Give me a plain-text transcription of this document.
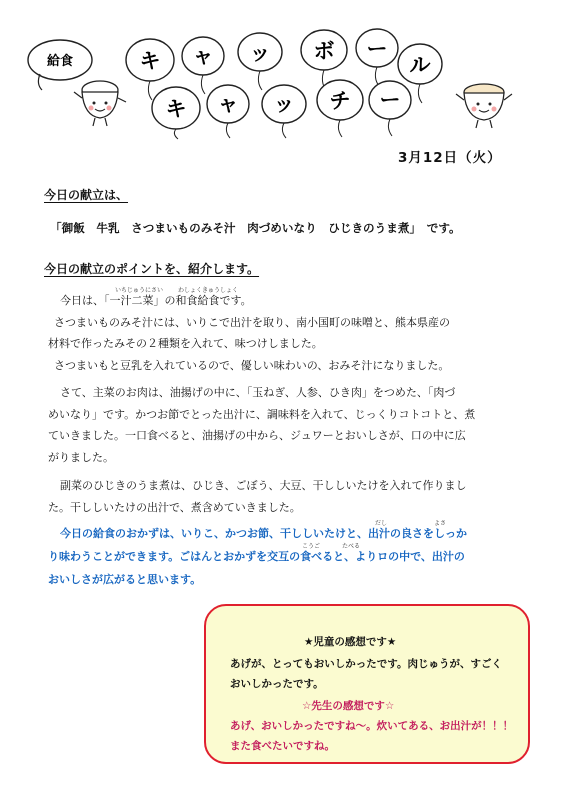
給食	キ ャ ッ ボ ー
ル
キ ャ ッ チ ー
3月12日（火）
今日の献立は、
「御飯　牛乳　さつまいものみそ汁　肉づめいなり　ひじきのうま煮」　です。
今日の献立のポイントを、紹介します。
いちじゅうにさい わしょくきゅうしょく
だし	よさ
こうご	たべる

今日は、「一汁二菜」の和食給食です。

さつまいものみそ汁には、いりこで出汁を取り、南小国町の味噌と、熊本県産の

材料で作ったみその２種類を入れて、味つけしました。

さつまいもと豆乳を入れているので、優しい味わいの、おみそ汁になりました。

さて、主菜のお肉は、油揚げの中に、「玉ねぎ、人参、ひき肉」をつめた、「肉づ

めいなり」です。かつお節でとった出汁に、調味料を入れて、じっくりコトコトと、煮

ていきました。一口食べると、油揚げの中から、ジュワーとおいしさが、口の中に広

がりました。

副菜のひじきのうま煮は、ひじき、ごぼう、大豆、干ししいたけを入れて作りまし

た。干ししいたけの出汁で、煮含めていきました。

今日の給食のおかずは、いりこ、かつお節、干ししいたけと、出汁の良さをしっか

り味わうことができます。ごはんとおかずを交互の食べると、よりロの中で、出汁の

おいしさが広がると思います。

★児童の感想です★
あげが、とってもおいしかったです。肉じゅうが、すごく
おいしかったです。
☆先生の感想です☆
あげ、おいしかったですね〜。炊いてある、お出汁が！！！
また食べたいですね。
